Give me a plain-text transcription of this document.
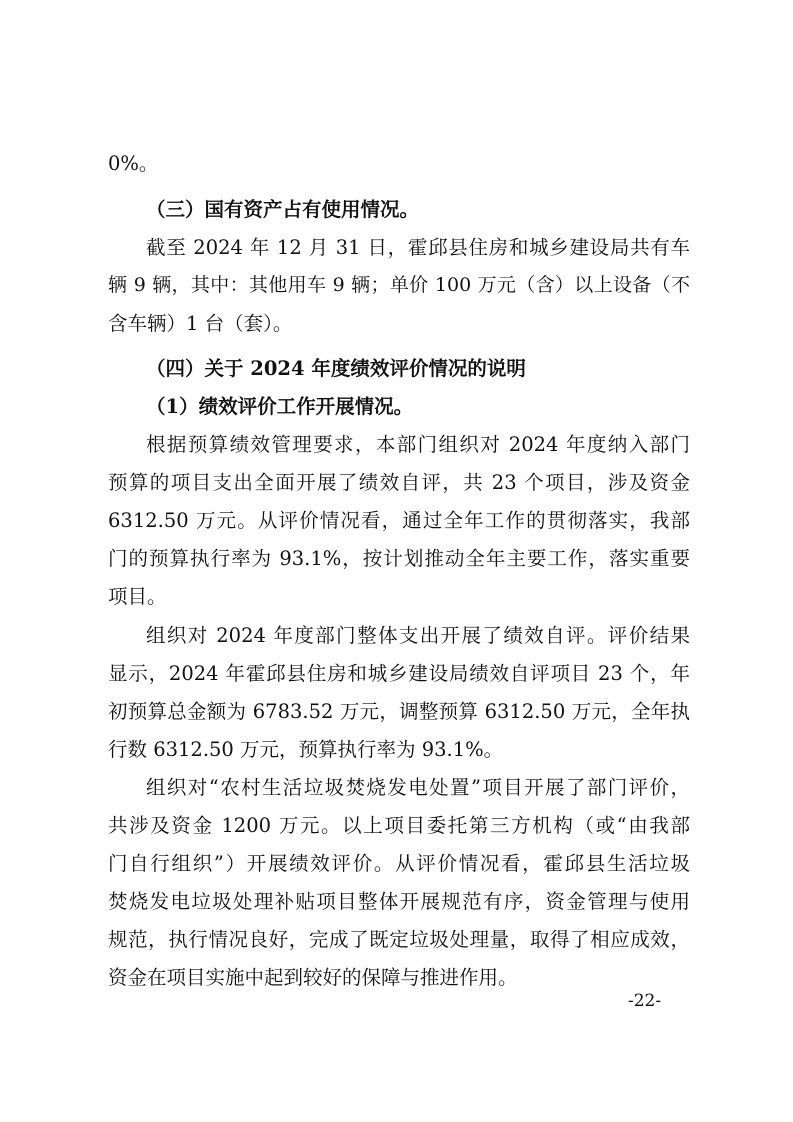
0%。
（三）国有资产占有使用情况。
截至 2024 年 12 月 31 日，霍邱县住房和城乡建设局共有车
辆 9 辆，其中：其他用车 9 辆；单价 100 万元（含）以上设备（不
含车辆）1 台（套）。
（四）关于 2024 年度绩效评价情况的说明
（1）绩效评价工作开展情况。
根据预算绩效管理要求，本部门组织对 2024 年度纳入部门
预算的项目支出全面开展了绩效自评，共 23 个项目，涉及资金
6312.50 万元。从评价情况看，通过全年工作的贯彻落实，我部
门的预算执行率为 93.1%，按计划推动全年主要工作，落实重要
项目。
组织对 2024 年度部门整体支出开展了绩效自评。评价结果
显示，2024 年霍邱县住房和城乡建设局绩效自评项目 23 个，年
初预算总金额为 6783.52 万元，调整预算 6312.50 万元，全年执
行数 6312.50 万元，预算执行率为 93.1%。
组织对“农村生活垃圾焚烧发电处置”项目开展了部门评价，
共涉及资金 1200 万元。以上项目委托第三方机构（或“由我部
门自行组织”）开展绩效评价。从评价情况看，霍邱县生活垃圾
焚烧发电垃圾处理补贴项目整体开展规范有序，资金管理与使用
规范，执行情况良好，完成了既定垃圾处理量，取得了相应成效，
资金在项目实施中起到较好的保障与推进作用。
-22-
